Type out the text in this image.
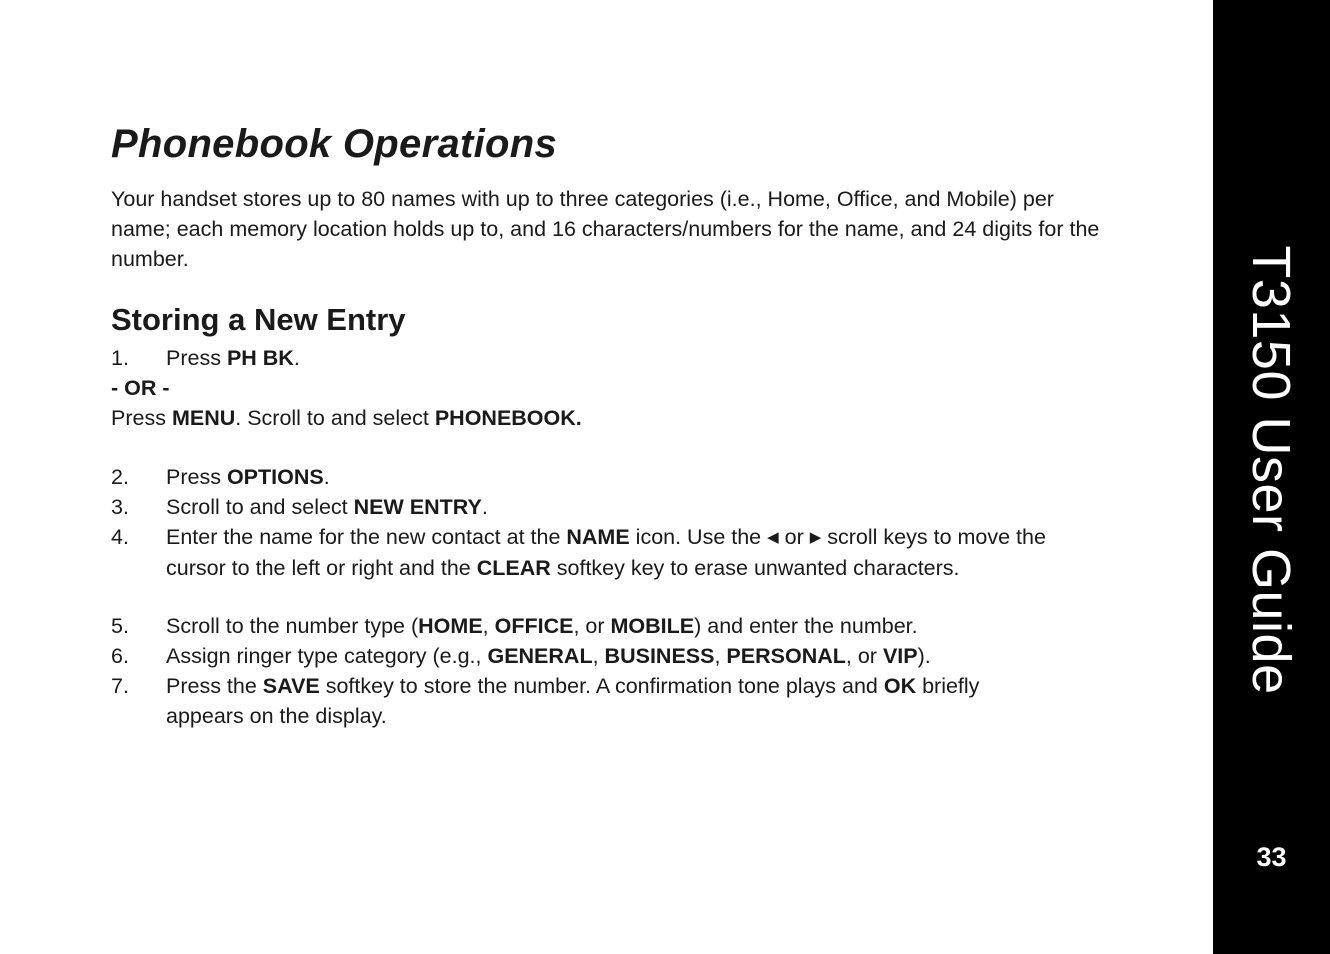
Phonebook Operations

Your handset stores up to 80 names with up to three categories (i.e., Home, Office, and Mobile) per name; each memory location holds up to, and 16 characters/numbers for the name, and 24 digits for the number.

Storing a New Entry
1. Press PH BK.
- OR -
Press MENU. Scroll to and select PHONEBOOK.
2. Press OPTIONS.
3. Scroll to and select NEW ENTRY.
4. Enter the name for the new contact at the NAME icon. Use the ◀ or ▶ scroll keys to move the cursor to the left or right and the CLEAR softkey key to erase unwanted characters.
5. Scroll to the number type (HOME, OFFICE, or MOBILE) and enter the number.
6. Assign ringer type category (e.g., GENERAL, BUSINESS, PERSONAL, or VIP).
7. Press the SAVE softkey to store the number. A confirmation tone plays and OK briefly appears on the display.
T3150 User Guide
33
